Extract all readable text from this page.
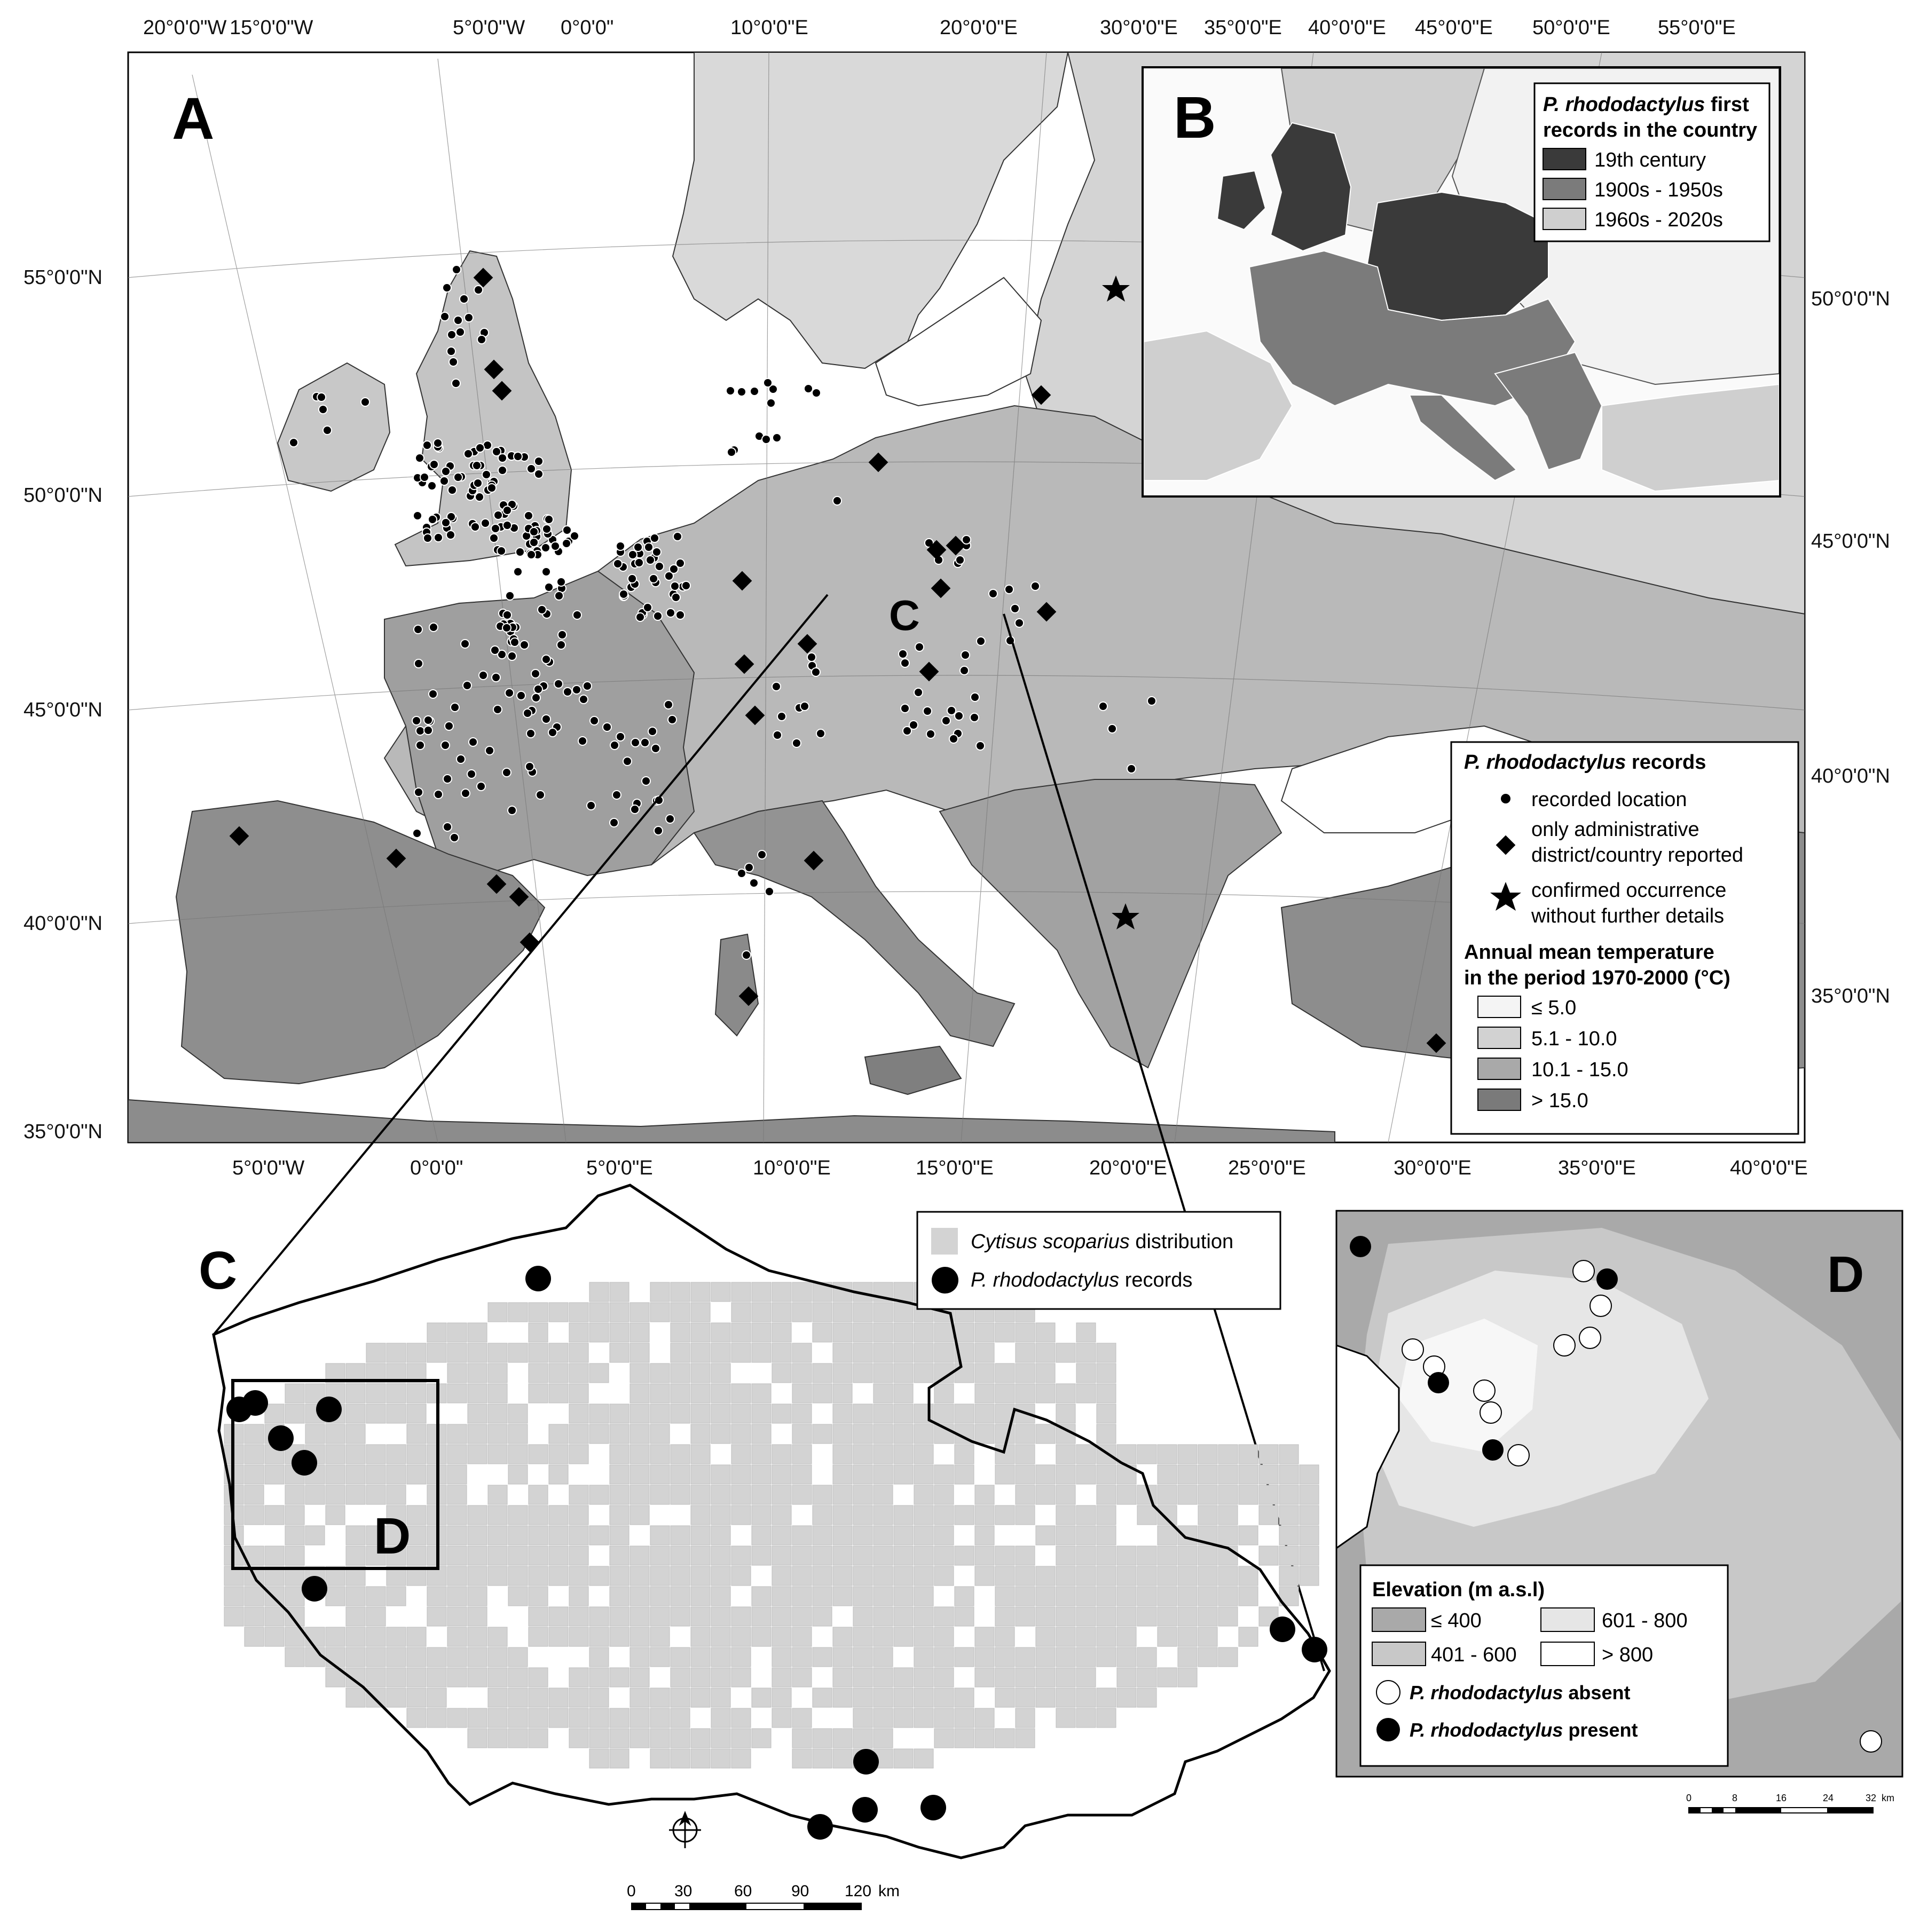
C
A
20°0'0"W 15°0'0"W	5°0'0"W 0°0'0"	10°0'0"E	20°0'0"E	30°0'0"E 35°0'0"E 40°0'0"E 45°0'0"E 50°0'0"E 55°0'0"E
5°0'0"W	0°0'0"	5°0'0"E	10°0'0"E	15°0'0"E	20°0'0"E	25°0'0"E	30°0'0"E	35°0'0"E	40°0'0"E
55°0'0"N
50°0'0"N
45°0'0"N
40°0'0"N
35°0'0"N
50°0'0"N
45°0'0"N
40°0'0"N
35°0'0"N
P. rhododactylus records
recorded location
only administrative
district/country reported
confirmed occurrence
without further details
Annual mean temperature
in the period 1970-2000 (°C)
≤ 5.0
5.1 - 10.0
10.1 - 15.0
> 15.0
B	P. rhododactylus first
records in the country
19th century
1900s - 1950s
1960s - 2020s
D
C	Cytisus scoparius distribution
P. rhododactylus records
0 30	60 90 120 km
D
Elevation (m a.s.l)
≤ 400	601 - 800
401 - 600	> 800
P. rhododactylus absent
P. rhododactylus present
0	8	16	24	32 km
